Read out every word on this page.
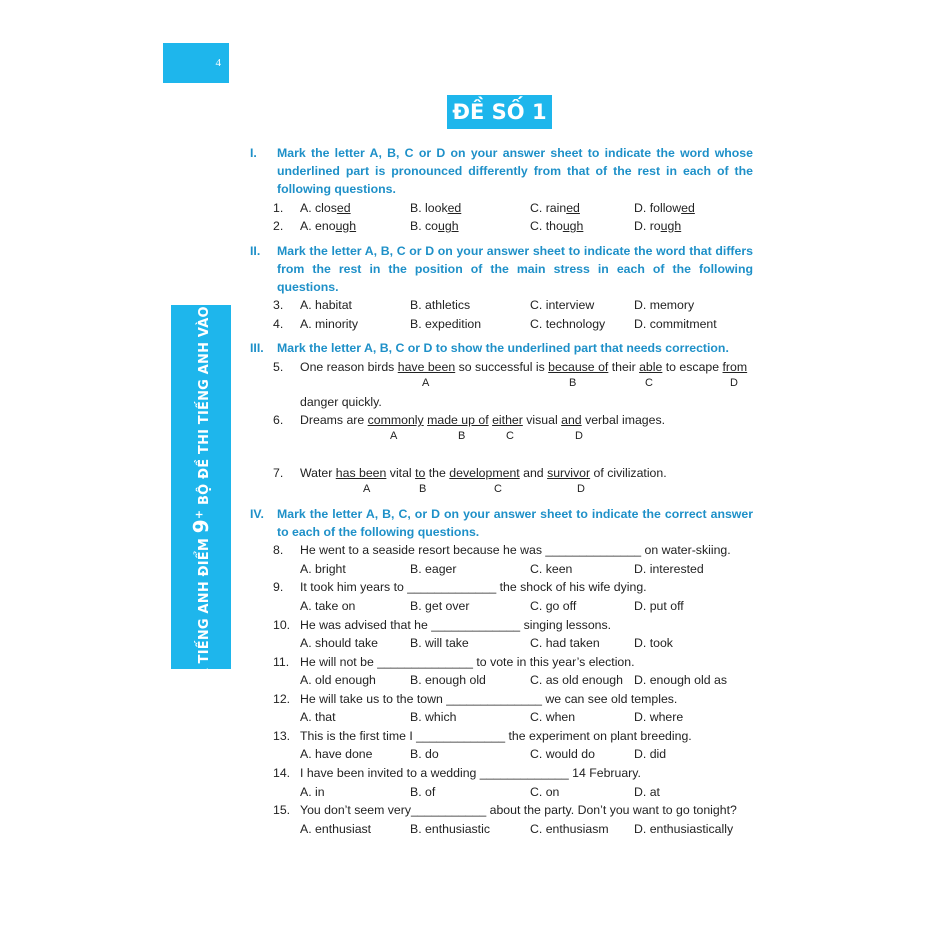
4
ĐỘT PHÁ TIẾNG ANH ĐIỂM 9+ BỘ ĐỀ THI TIẾNG ANH VÀO LỚP 10
ĐỀ SỐ 1
I. Mark the letter A, B, C or D on your answer sheet to indicate the word whose underlined part is pronounced differently from that of the rest in each of the following questions.
1. A. closed	B. looked	C. rained	D. followed
2. A. enough	B. cough	C. though	D. rough
II. Mark the letter A, B, C or D on your answer sheet to indicate the word that differs from the rest in the position of the main stress in each of the following questions.
3. A. habitat	B. athletics	C. interview	D. memory
4. A. minority	B. expedition	C. technology D. commitment
III. Mark the letter A, B, C or D to show the underlined part that needs correction.
5. One reason birds have been so successful is because of their able to escape from
A	B	C	D
danger quickly.
6. Dreams are commonly made up of either visual and verbal images.
A	B	C	D
7. Water has been vital to the development and survivor of civilization.
A	B	C	D
IV. Mark the letter A, B, C, or D on your answer sheet to indicate the correct answer to each of the following questions.
8. He went to a seaside resort because he was ______________ on water-skiing.
A. bright	B. eager	C. keen	D. interested
9. It took him years to _____________ the shock of his wife dying.
A. take on	B. get over	C. go off	D. put off
10. He was advised that he _____________ singing lessons.
A. should take	B. will take	C. had taken	D. took
11. He will not be ______________ to vote in this year’s election.
A. old enough	B. enough old	C. as old enough D. enough old as
12. He will take us to the town ______________ we can see old temples.
A. that	B. which	C. when	D. where
13. This is the first time I _____________ the experiment on plant breeding.
A. have done	B. do	C. would do	D. did
14. I have been invited to a wedding _____________ 14 February.
A. in	B. of	C. on	D. at
15. You don’t seem very___________ about the party. Don’t you want to go tonight?
A. enthusiast	B. enthusiastic	C. enthusiasm D. enthusiastically
